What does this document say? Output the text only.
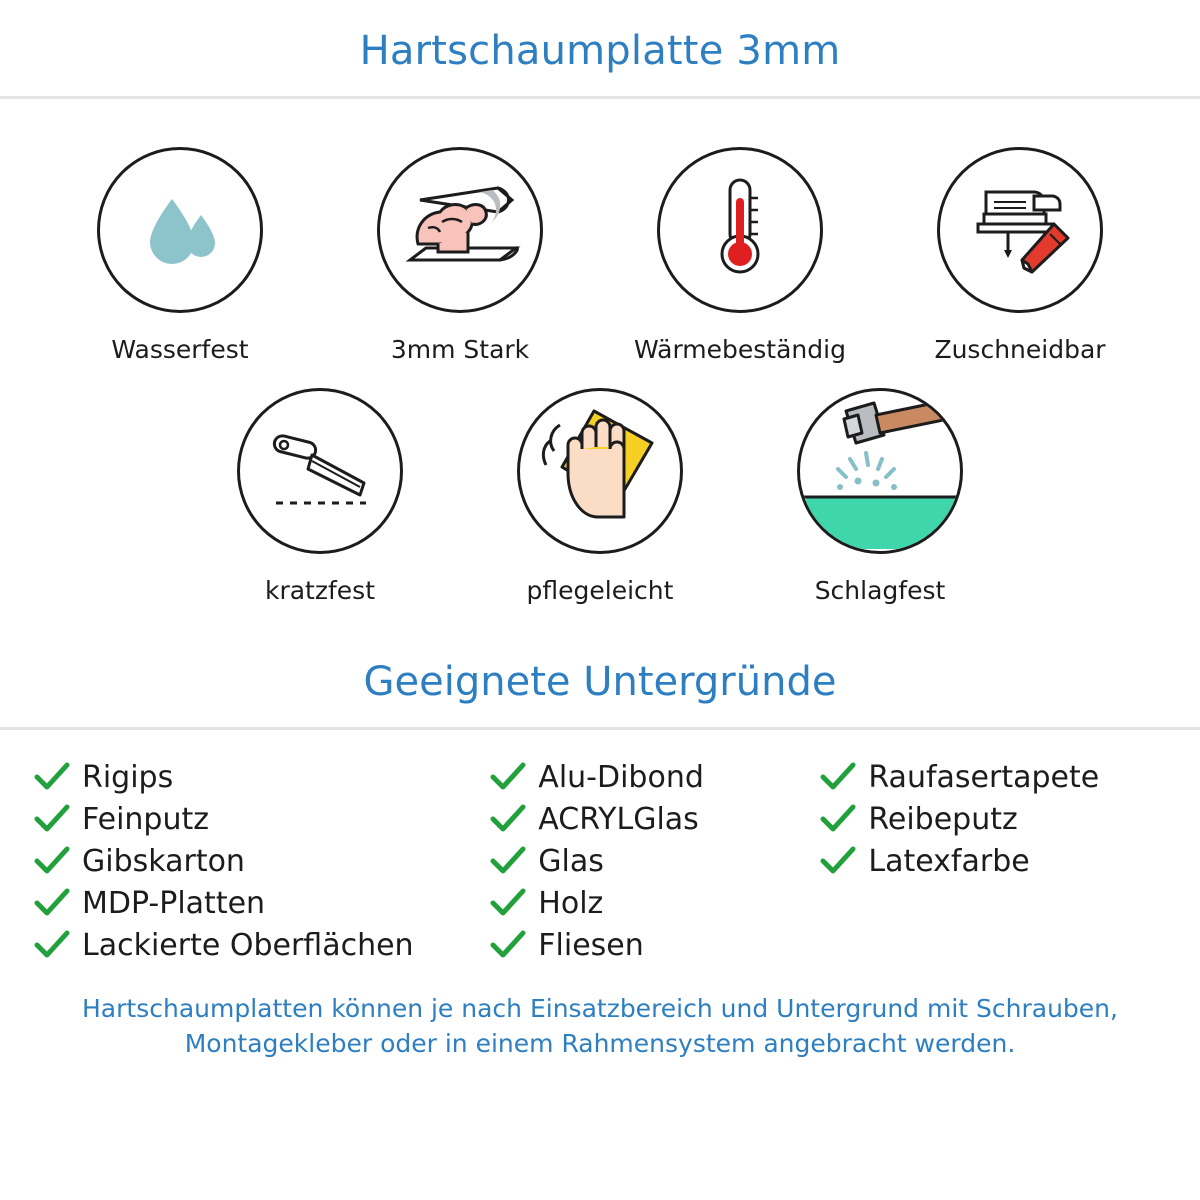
Hartschaumplatte 3mm
Wasserfest	3mm Stark	Wärmebeständig	Zuschneidbar
kratzfest	pflegeleicht	Schlagfest
Geeignete Untergründe
Rigips
Feinputz
Gibskarton
MDP-Platten
Lackierte Oberflächen
Alu-Dibond
ACRYLGlas
Glas
Holz
Fliesen
Raufasertapete
Reibeputz
Latexfarbe
Hartschaumplatten können je nach Einsatzbereich und Untergrund mit Schrauben, Montagekleber oder in einem Rahmensystem angebracht werden.
